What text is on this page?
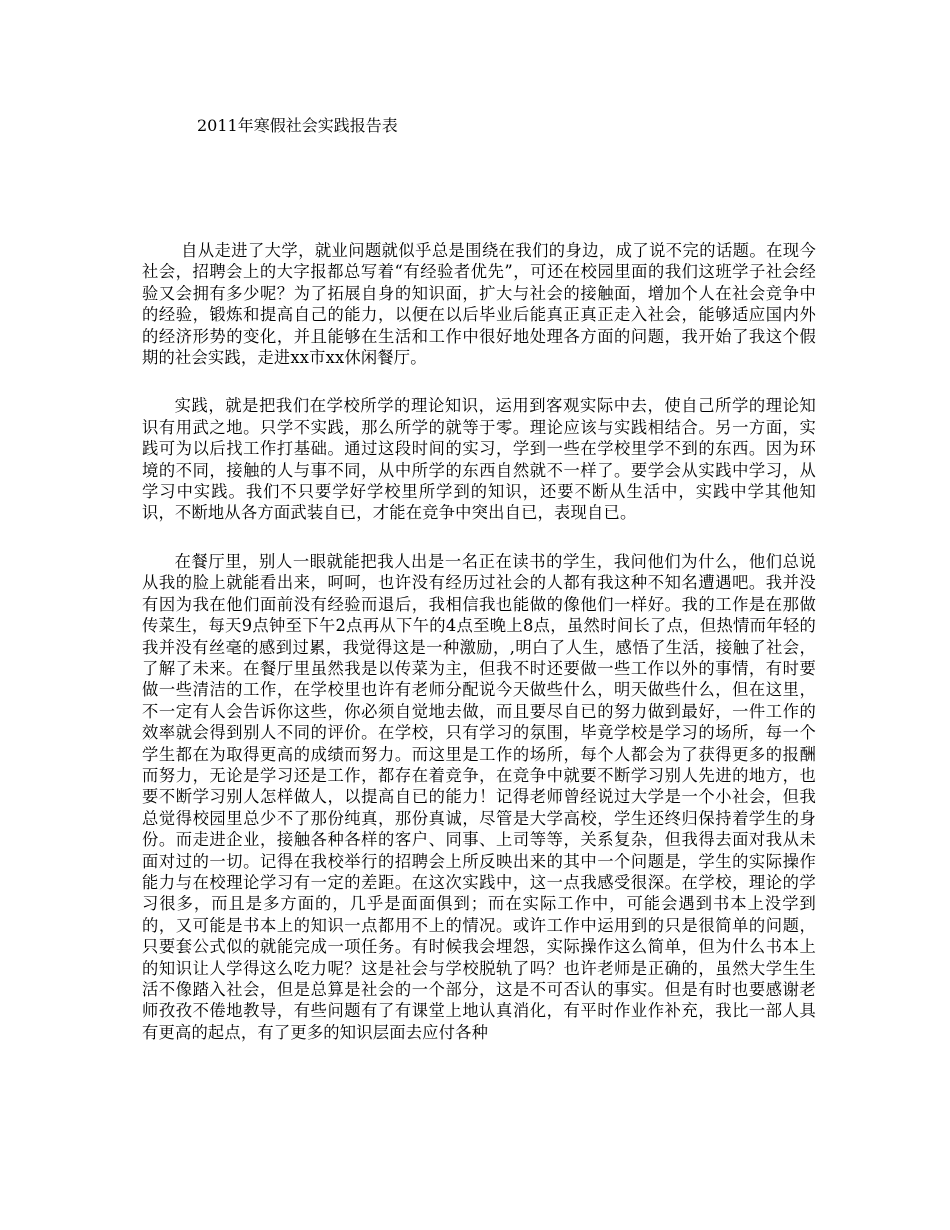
2011年寒假社会实践报告表

自从走进了大学，就业问题就似乎总是围绕在我们的身边，成了说不完的话题。在现今社会，招聘会上的大字报都总写着“有经验者优先”，可还在校园里面的我们这班学子社会经验又会拥有多少呢？为了拓展自身的知识面，扩大与社会的接触面，增加个人在社会竞争中的经验，锻炼和提高自己的能力，以便在以后毕业后能真正真正走入社会，能够适应国内外的经济形势的变化，并且能够在生活和工作中很好地处理各方面的问题，我开始了我这个假期的社会实践，走进xx市xx休闲餐厅。

实践，就是把我们在学校所学的理论知识，运用到客观实际中去，使自己所学的理论知识有用武之地。只学不实践，那么所学的就等于零。理论应该与实践相结合。另一方面，实践可为以后找工作打基础。通过这段时间的实习，学到一些在学校里学不到的东西。因为环境的不同，接触的人与事不同，从中所学的东西自然就不一样了。要学会从实践中学习，从学习中实践。我们不只要学好学校里所学到的知识，还要不断从生活中，实践中学其他知识，不断地从各方面武装自已，才能在竞争中突出自已，表现自已。

在餐厅里，别人一眼就能把我人出是一名正在读书的学生，我问他们为什么，他们总说从我的脸上就能看出来，呵呵，也许没有经历过社会的人都有我这种不知名遭遇吧。我并没有因为我在他们面前没有经验而退后，我相信我也能做的像他们一样好。我的工作是在那做传菜生，每天9点钟至下午2点再从下午的4点至晚上8点，虽然时间长了点，但热情而年轻的我并没有丝毫的感到过累，我觉得这是一种激励，,明白了人生，感悟了生活，接触了社会，了解了未来。在餐厅里虽然我是以传菜为主，但我不时还要做一些工作以外的事情，有时要做一些清洁的工作，在学校里也许有老师分配说今天做些什么，明天做些什么，但在这里，不一定有人会告诉你这些，你必须自觉地去做，而且要尽自已的努力做到最好，一件工作的效率就会得到别人不同的评价。在学校，只有学习的氛围，毕竟学校是学习的场所，每一个学生都在为取得更高的成绩而努力。而这里是工作的场所，每个人都会为了获得更多的报酬而努力，无论是学习还是工作，都存在着竞争，在竞争中就要不断学习别人先进的地方，也要不断学习别人怎样做人，以提高自已的能力！记得老师曾经说过大学是一个小社会，但我总觉得校园里总少不了那份纯真，那份真诚，尽管是大学高校，学生还终归保持着学生的身份。而走进企业，接触各种各样的客户、同事、上司等等，关系复杂，但我得去面对我从未面对过的一切。记得在我校举行的招聘会上所反映出来的其中一个问题是，学生的实际操作能力与在校理论学习有一定的差距。在这次实践中，这一点我感受很深。在学校，理论的学习很多，而且是多方面的，几乎是面面俱到；而在实际工作中，可能会遇到书本上没学到的，又可能是书本上的知识一点都用不上的情况。或许工作中运用到的只是很简单的问题，只要套公式似的就能完成一项任务。有时候我会埋怨，实际操作这么简单，但为什么书本上的知识让人学得这么吃力呢？这是社会与学校脱轨了吗？也许老师是正确的，虽然大学生生活不像踏入社会，但是总算是社会的一个部分，这是不可否认的事实。但是有时也要感谢老师孜孜不倦地教导，有些问题有了有课堂上地认真消化，有平时作业作补充，我比一部人具有更高的起点，有了更多的知识层面去应付各种
